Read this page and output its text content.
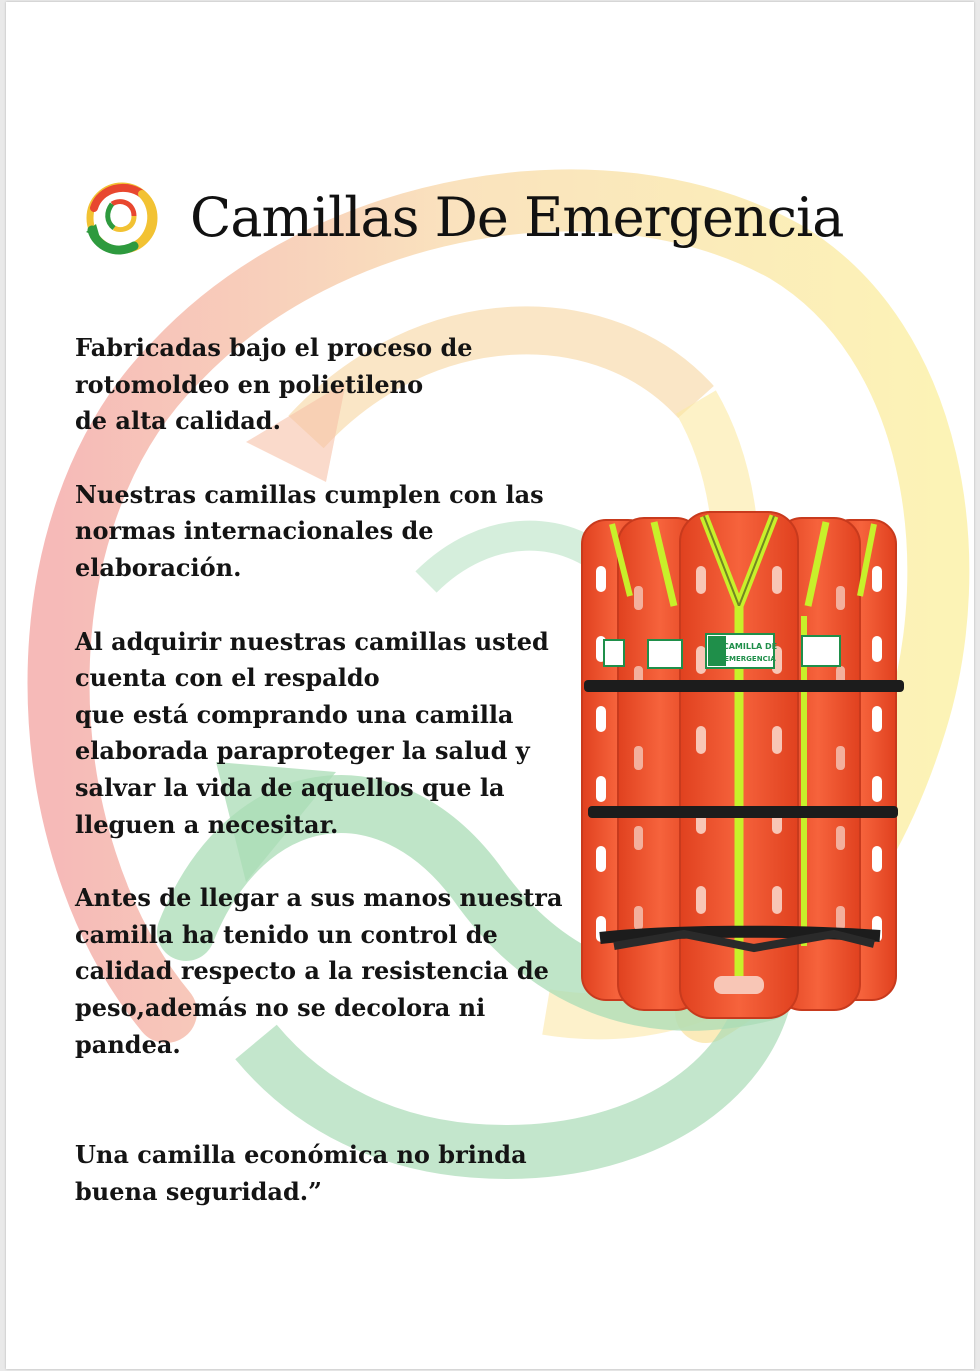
Camillas De Emergencia

Fabricadas bajo el proceso de
rotomoldeo en polietileno
de alta calidad.

Nuestras camillas cumplen con las
normas internacionales de
elaboración.

Al adquirir nuestras camillas usted
cuenta con el respaldo
que está comprando una camilla
elaborada paraproteger la salud y
salvar la vida de aquellos que la
lleguen a necesitar.

Antes de llegar a sus manos nuestra
camilla ha tenido un control de
calidad respecto a la resistencia de
peso,además no se decolora ni
pandea.

Una camilla económica no brinda
buena seguridad.”

CAMILLA DE
EMERGENCIA
